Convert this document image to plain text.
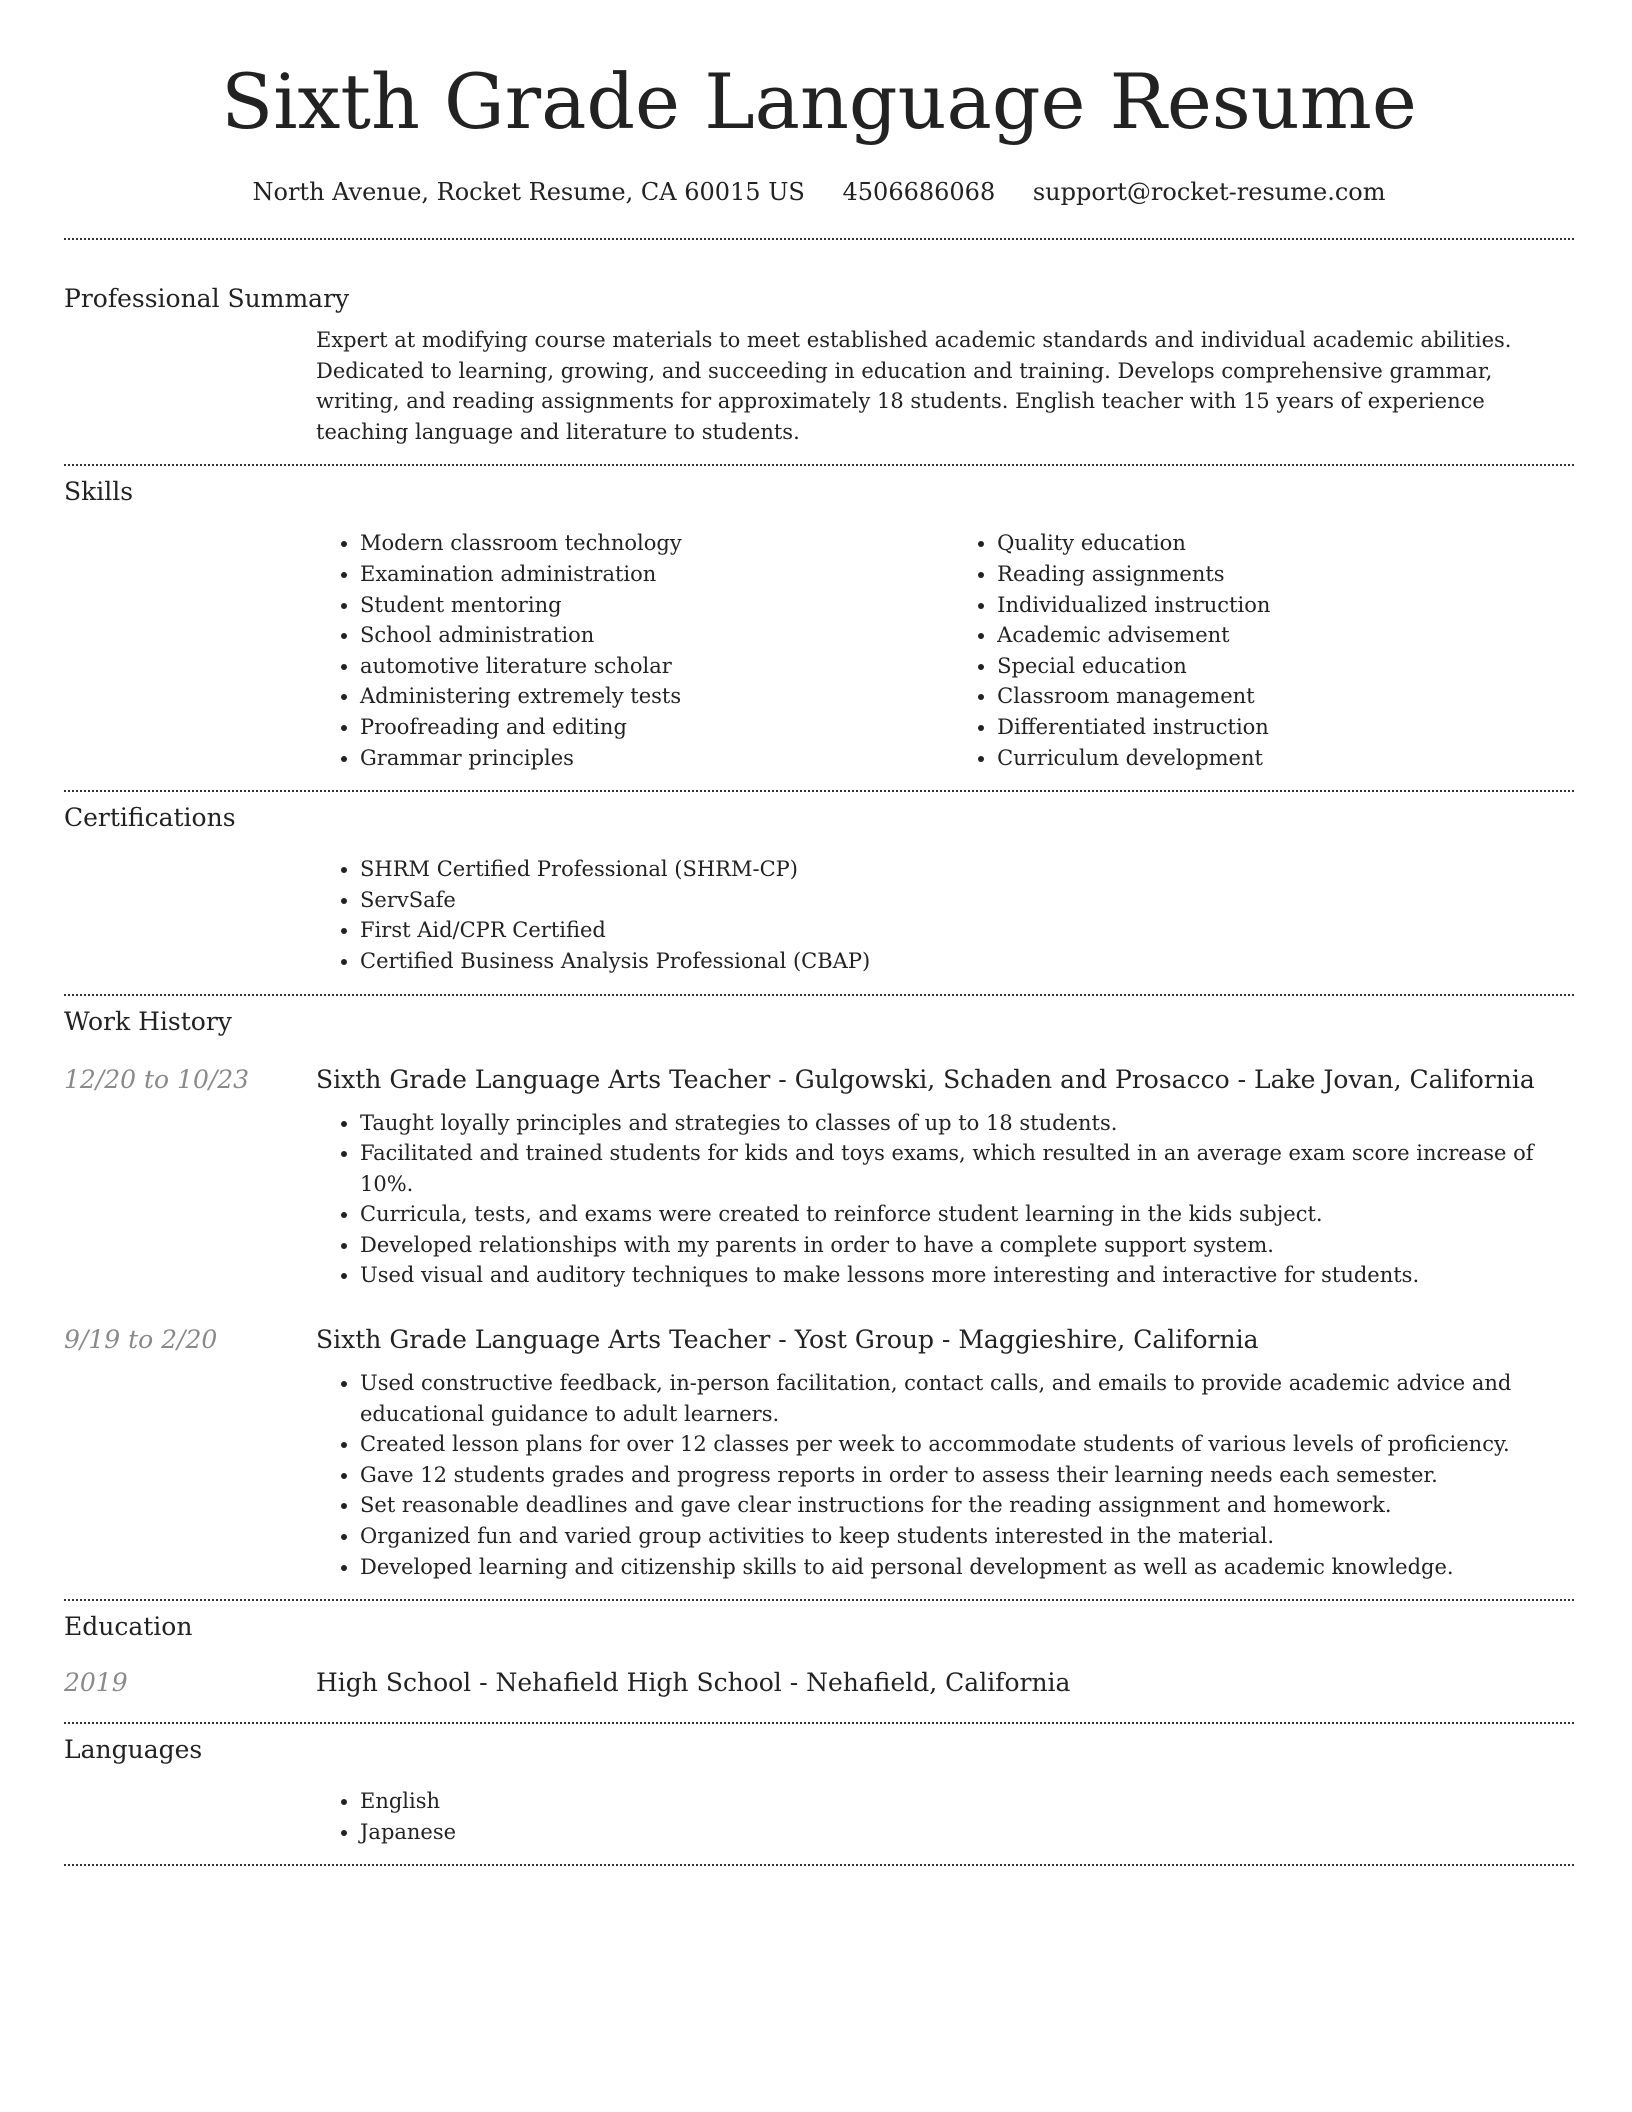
Sixth Grade Language Resume
North Avenue, Rocket Resume, CA 60015 US 4506686068 support@rocket-resume.com
Professional Summary

Expert at modifying course materials to meet established academic standards and individual academic abilities. Dedicated to learning, growing, and succeeding in education and training. Develops comprehensive grammar, writing, and reading assignments for approximately 18 students. English teacher with 15 years of experience teaching language and literature to students.

Skills
• Modern classroom technology
• Examination administration
• Student mentoring
• School administration
• automotive literature scholar
• Administering extremely tests
• Proofreading and editing
• Grammar principles
• Quality education
• Reading assignments
• Individualized instruction
• Academic advisement
• Special education
• Classroom management
• Differentiated instruction
• Curriculum development
Certifications
• SHRM Certified Professional (SHRM-CP)
• ServSafe
• First Aid/CPR Certified
• Certified Business Analysis Professional (CBAP)
Work History
12/20 to 10/23	Sixth Grade Language Arts Teacher - Gulgowski, Schaden and Prosacco - Lake Jovan, California
• Taught loyally principles and strategies to classes of up to 18 students.
• Facilitated and trained students for kids and toys exams, which resulted in an average exam score increase of 10%.
• Curricula, tests, and exams were created to reinforce student learning in the kids subject.
• Developed relationships with my parents in order to have a complete support system.
• Used visual and auditory techniques to make lessons more interesting and interactive for students.
9/19 to 2/20	Sixth Grade Language Arts Teacher - Yost Group - Maggieshire, California
• Used constructive feedback, in-person facilitation, contact calls, and emails to provide academic advice and educational guidance to adult learners.
• Created lesson plans for over 12 classes per week to accommodate students of various levels of proficiency.
• Gave 12 students grades and progress reports in order to assess their learning needs each semester.
• Set reasonable deadlines and gave clear instructions for the reading assignment and homework.
• Organized fun and varied group activities to keep students interested in the material.
• Developed learning and citizenship skills to aid personal development as well as academic knowledge.
Education
2019	High School - Nehafield High School - Nehafield, California
Languages
• English
• Japanese
